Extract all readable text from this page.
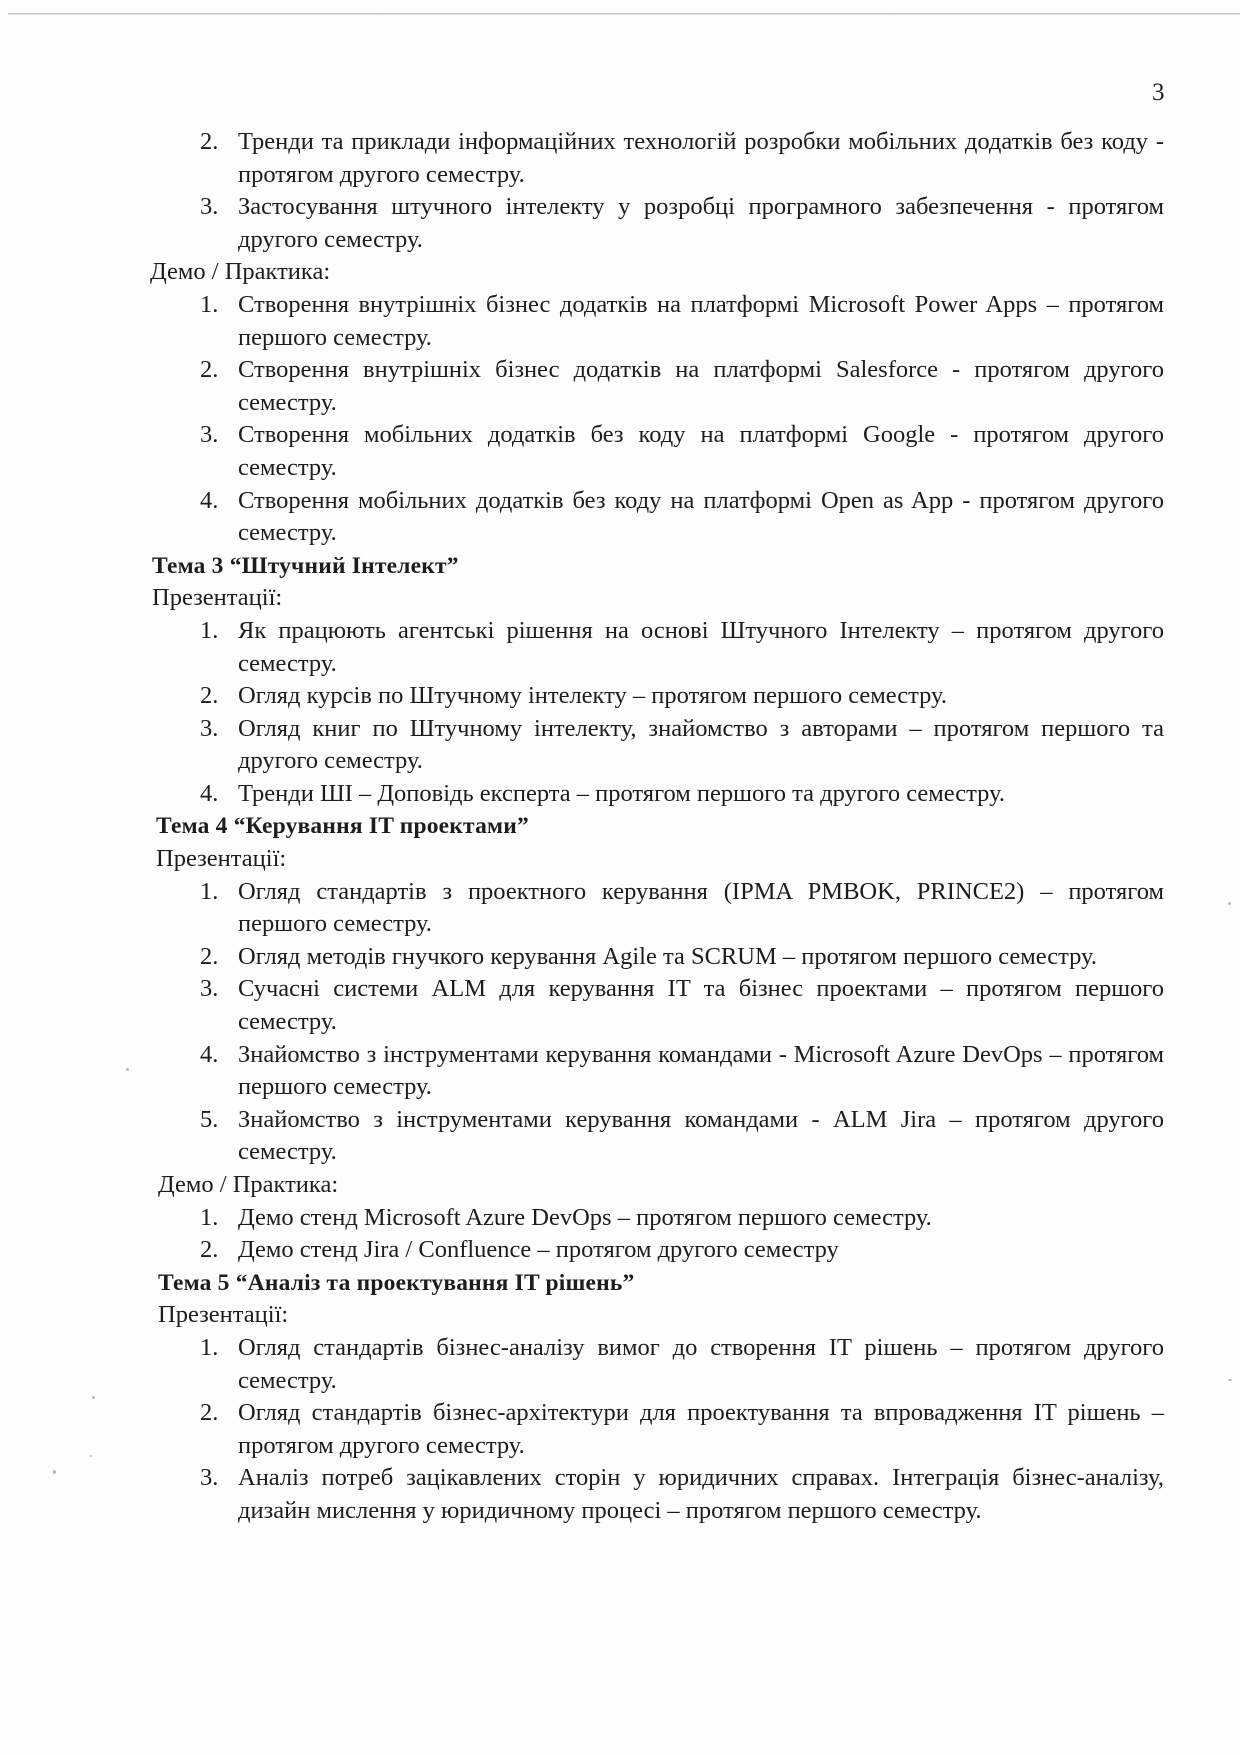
3
2. Тренди та приклади інформаційних технологій розробки мобільних додатків без коду - протягом другого семестру.
3. Застосування штучного інтелекту у розробці програмного забезпечення - протягом другого семестру.

Демо / Практика:

1. Створення внутрішніх бізнес додатків на платформі Microsoft Power Apps – протягом першого семестру.
2. Створення внутрішніх бізнес додатків на платформі Salesforce - протягом другого семестру.
3. Створення мобільних додатків без коду на платформі Google - протягом другого семестру.
4. Створення мобільних додатків без коду на платформі Open as App - протягом другого семестру.
Тема 3 “Штучний Інтелект”

Презентації:

1. Як працюють агентські рішення на основі Штучного Інтелекту – протягом другого семестру.
2. Огляд курсів по Штучному інтелекту – протягом першого семестру.
3. Огляд книг по Штучному інтелекту, знайомство з авторами – протягом першого та другого семестру.
4. Тренди ШІ – Доповідь експерта – протягом першого та другого семестру.
Тема 4 “Керування IT проектами”

Презентації:

1. Огляд стандартів з проектного керування (IPMA PMBOK, PRINCE2) – протягом першого семестру.
2. Огляд методів гнучкого керування Agile та SCRUM – протягом першого семестру.
3. Сучасні системи ALM для керування IT та бізнес проектами – протягом першого семестру.
4. Знайомство з інструментами керування командами - Microsoft Azure DevOps – протягом першого семестру.
5. Знайомство з інструментами керування командами - ALM Jira – протягом другого семестру.

Демо / Практика:

1. Демо стенд Microsoft Azure DevOps – протягом першого семестру.
2. Демо стенд Jira / Confluence – протягом другого семестру
Тема 5 “Аналіз та проектування IT рішень”

Презентації:

1. Огляд стандартів бізнес-аналізу вимог до створення IT рішень – протягом другого семестру.
2. Огляд стандартів бізнес-архітектури для проектування та впровадження IT рішень – протягом другого семестру.
3. Аналіз потреб зацікавлених сторін у юридичних справах. Інтеграція бізнес-аналізу, дизайн мислення у юридичному процесі – протягом першого семестру.
